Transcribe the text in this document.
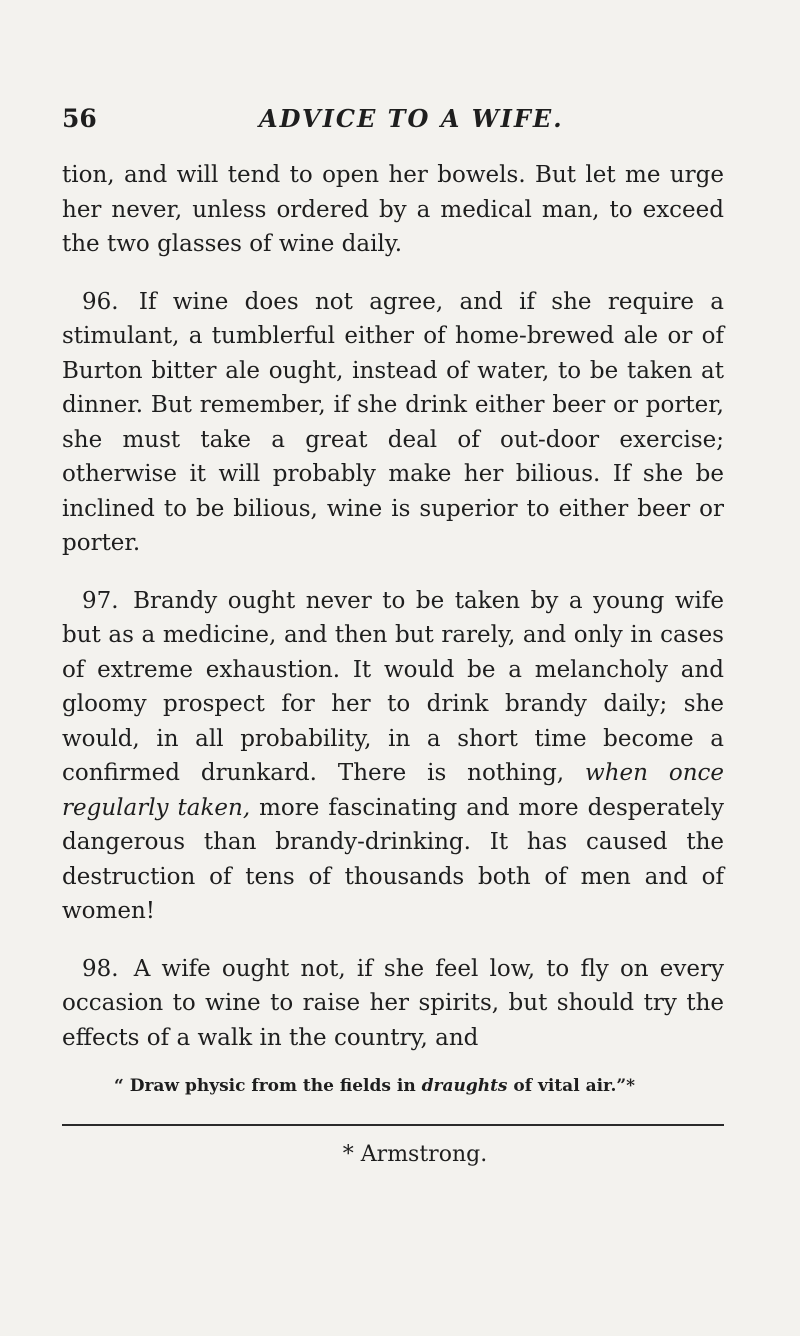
56	ADVICE TO A WIFE.

tion, and will tend to open her bowels. But let me urge her never, unless ordered by a medical man, to exceed the two glasses of wine daily.

96. If wine does not agree, and if she require a stimulant, a tumblerful either of home-brewed ale or of Burton bitter ale ought, instead of water, to be taken at dinner. But remember, if she drink either beer or porter, she must take a great deal of out-door exercise; otherwise it will probably make her bilious. If she be inclined to be bilious, wine is superior to either beer or porter.

97. Brandy ought never to be taken by a young wife but as a medicine, and then but rarely, and only in cases of extreme exhaustion. It would be a melancholy and gloomy prospect for her to drink brandy daily; she would, in all probability, in a short time become a confirmed drunkard. There is nothing, when once regularly taken, more fascinating and more desperately dangerous than brandy-drinking. It has caused the destruction of tens of thousands both of men and of women!

98. A wife ought not, if she feel low, to fly on every occasion to wine to raise her spirits, but should try the effects of a walk in the country, and

“ Draw physic from the fields in draughts of vital air.”*
* Armstrong.
